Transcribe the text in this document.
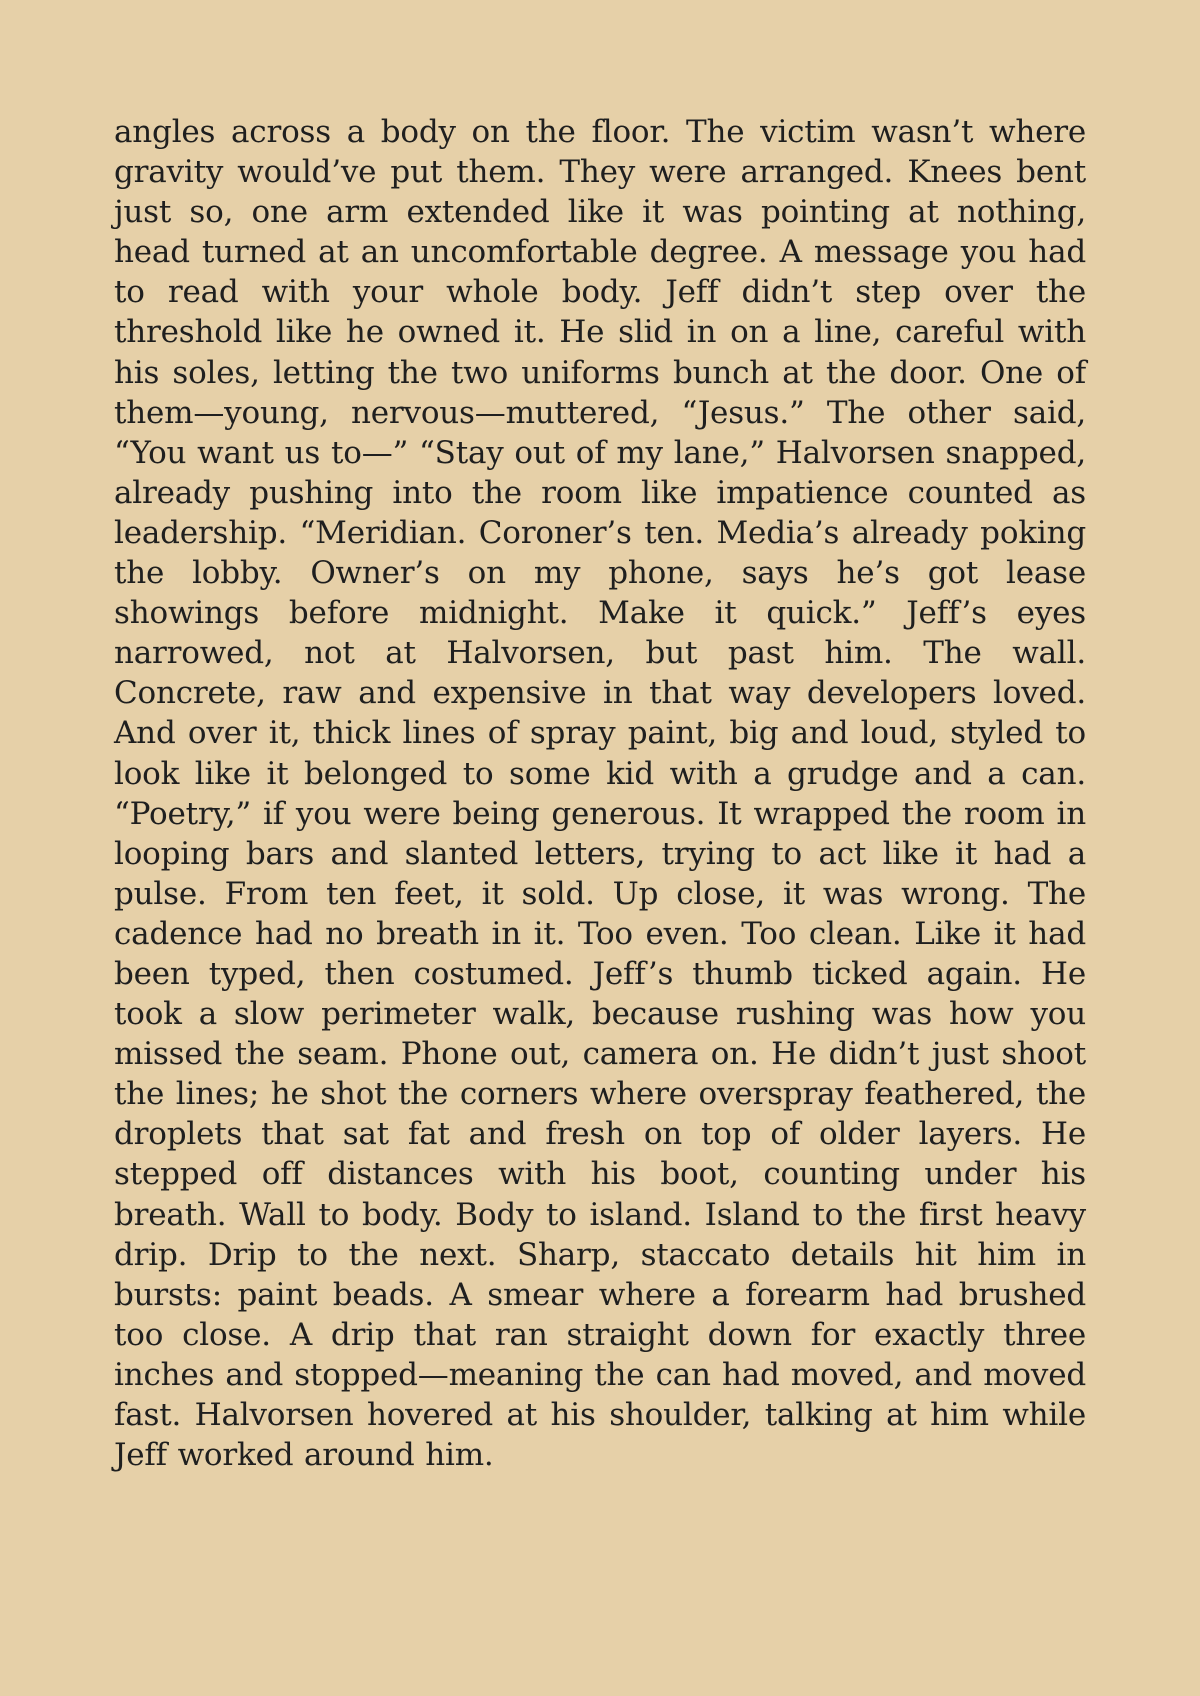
angles across a body on the floor. The victim wasn’t where gravity would’ve put them. They were arranged. Knees bent just so, one arm extended like it was pointing at nothing, head turned at an uncomfortable degree. A message you had to read with your whole body. Jeff didn’t step over the threshold like he owned it. He slid in on a line, careful with his soles, letting the two uniforms bunch at the door. One of them—young, nervous—muttered, “Jesus.” The other said, “You want us to—” “Stay out of my lane,” Halvorsen snapped, already pushing into the room like impatience counted as leadership. “Meridian. Coroner’s ten. Media’s already poking the lobby. Owner’s on my phone, says he’s got lease showings before midnight. Make it quick.” Jeff’s eyes narrowed, not at Halvorsen, but past him. The wall. Concrete, raw and expensive in that way developers loved. And over it, thick lines of spray paint, big and loud, styled to look like it belonged to some kid with a grudge and a can. “Poetry,” if you were being generous. It wrapped the room in looping bars and slanted letters, trying to act like it had a pulse. From ten feet, it sold. Up close, it was wrong. The cadence had no breath in it. Too even. Too clean. Like it had been typed, then costumed. Jeff’s thumb ticked again. He took a slow perimeter walk, because rushing was how you missed the seam. Phone out, camera on. He didn’t just shoot the lines; he shot the corners where overspray feathered, the droplets that sat fat and fresh on top of older layers. He stepped off distances with his boot, counting under his breath. Wall to body. Body to island. Island to the first heavy drip. Drip to the next. Sharp, staccato details hit him in bursts: paint beads. A smear where a forearm had brushed too close. A drip that ran straight down for exactly three inches and stopped—meaning the can had moved, and moved fast. Halvorsen hovered at his shoulder, talking at him while Jeff worked around him.
